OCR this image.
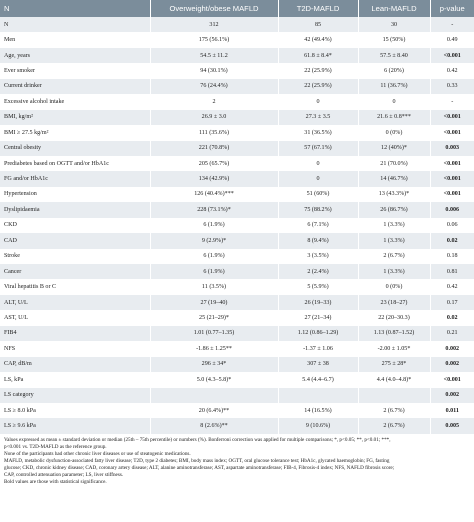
N	Overweight/obese MAFLD	T2D-MAFLD	Lean-MAFLD	p-value
N	312	85	30	-
Men	175 (56.1%)	42 (49.4%)	15 (50%)	0.49
Age, years	54.5 ± 11.2	61.8 ± 8.4*	57.5 ± 8.40	<0.001
Ever smoker	94 (30.1%)	22 (25.9%)	6 (20%)	0.42
Current drinker	76 (24.4%)	22 (25.9%)	11 (36.7%)	0.33
Excessive alcohol intake	2	0	0	-
BMI, kg/m²	26.9 ± 3.0	27.3 ± 3.5	21.6 ± 0.8***	<0.001
BMI ≥ 27.5 kg/m²	111 (35.6%)	31 (36.5%)	0 (0%)	<0.001
Central obesity	221 (70.8%)	57 (67.1%)	12 (40%)*	0.003
Prediabetes based on OGTT and/or HbA1c	205 (65.7%)	0	21 (70.0%)	<0.001
FG and/or HbA1c	134 (42.9%)	0	14 (46.7%)	<0.001
Hypertension	126 (40.4%)***	51 (60%)	13 (43.3%)*	<0.001
Dyslipidaemia	228 (73.1%)*	75 (88.2%)	26 (86.7%)	0.006
CKD	6 (1.9%)	6 (7.1%)	1 (3.3%)	0.06
CAD	9 (2.9%)*	8 (9.4%)	1 (3.3%)	0.02
Stroke	6 (1.9%)	3 (3.5%)	2 (6.7%)	0.18
Cancer	6 (1.9%)	2 (2.4%)	1 (3.3%)	0.81
Viral hepatitis B or C	11 (3.5%)	5 (5.9%)	0 (0%)	0.42
ALT, U/L	27 (19–40)	26 (19–33)	23 (18–27)	0.17
AST, U/L	25 (21–29)*	27 (21–34)	22 (20–30.3)	0.02
FIB4	1.01 (0.77–1.35)	1.12 (0.86–1.29)	1.13 (0.87–1.52)	0.21
NFS	-1.86 ± 1.25**	-1.37 ± 1.06	-2.00 ± 1.05*	0.002
CAP, dB/m	296 ± 34*	307 ± 38	275 ± 28*	0.002
LS, kPa	5.0 (4.3–5.8)*	5.4 (4.4–6.7)	4.4 (4.0–4.8)*	<0.001
LS category				0.002
LS ≥ 8.0 kPa	20 (6.4%)**	14 (16.5%)	2 (6.7%)	0.011
LS ≥ 9.6 kPa	8 (2.6%)**	9 (10.6%)	2 (6.7%)	0.005

Values expressed as mean ± standard deviation or median (25th – 75th percentile) or numbers (%). Bonferroni correction was applied for multiple comparisons; *, p<0.05; **, p<0.01; ***,

p<0.001 vs. T2D-MAFLD as the reference group.

None of the participants had other chronic liver diseases or use of steatogenic medications.

MAFLD, metabolic dysfunction-associated fatty liver disease; T2D, type 2 diabetes; BMI, body mass index; OGTT, oral glucose tolerance test; HbA1c, glycated haemoglobin; FG, fasting

glucose; CKD, chronic kidney disease; CAD, coronary artery disease; ALT, alanine aminotransferase; AST, aspartate aminotransferase; FIB-4, Fibrosis-4 index; NFS, NAFLD fibrosis score;

CAP, controlled attenuation parameter; LS, liver stiffness.

Bold values are those with statistical significance.
